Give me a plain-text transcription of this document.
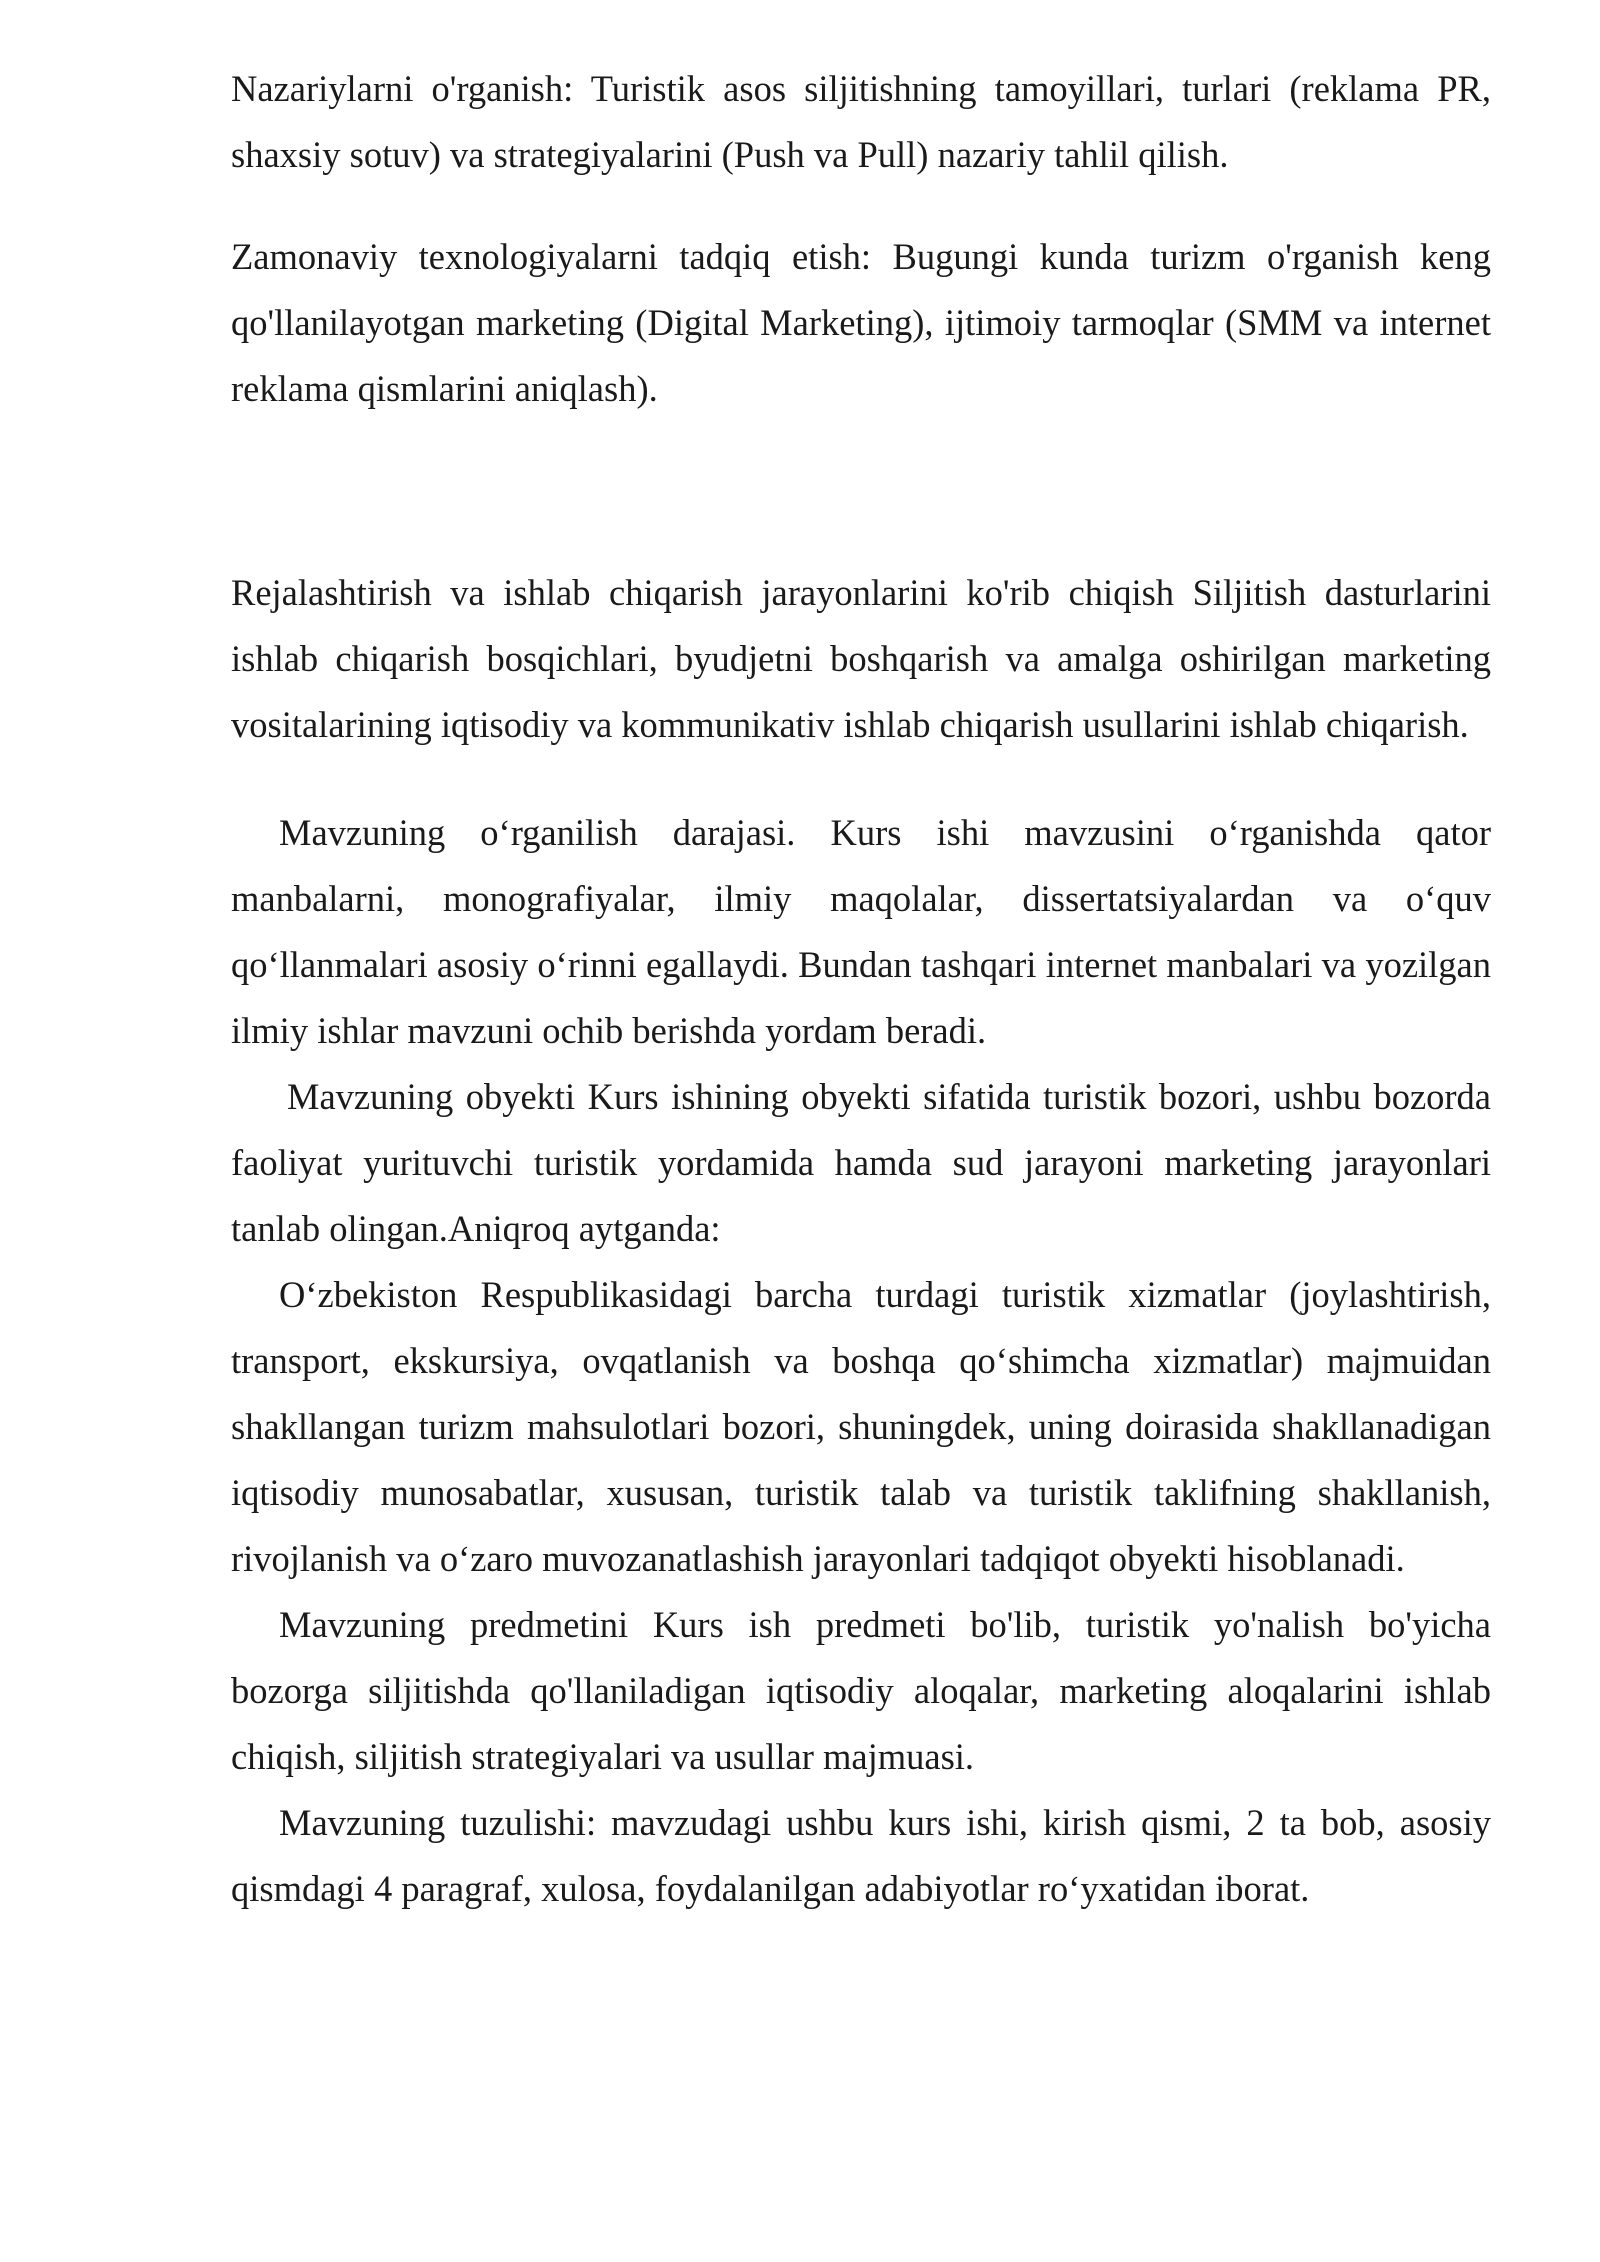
Nazariylarni o'rganish: Turistik asos siljitishning tamoyillari, turlari (reklama PR, shaxsiy sotuv) va strategiyalarini (Push va Pull) nazariy tahlil qilish.

Zamonaviy texnologiyalarni tadqiq etish: Bugungi kunda turizm o'rganish keng qo'llanilayotgan marketing (Digital Marketing), ijtimoiy tarmoqlar (SMM va internet reklama qismlarini aniqlash).

Rejalashtirish va ishlab chiqarish jarayonlarini ko'rib chiqish Siljitish dasturlarini ishlab chiqarish bosqichlari, byudjetni boshqarish va amalga oshirilgan marketing vositalarining iqtisodiy va kommunikativ ishlab chiqarish usullarini ishlab chiqarish.

Mavzuning o‘rganilish darajasi. Kurs ishi mavzusini o‘rganishda qator manbalarni, monografiyalar, ilmiy maqolalar, dissertatsiyalardan va o‘quv qo‘llanmalari asosiy o‘rinni egallaydi. Bundan tashqari internet manbalari va yozilgan ilmiy ishlar mavzuni ochib berishda yordam beradi.

Mavzuning obyekti Kurs ishining obyekti sifatida turistik bozori, ushbu bozorda faoliyat yurituvchi turistik yordamida hamda sud jarayoni marketing jarayonlari tanlab olingan.Aniqroq aytganda:

O‘zbekiston Respublikasidagi barcha turdagi turistik xizmatlar (joylashtirish, transport, ekskursiya, ovqatlanish va boshqa qo‘shimcha xizmatlar) majmuidan shakllangan turizm mahsulotlari bozori, shuningdek, uning doirasida shakllanadigan iqtisodiy munosabatlar, xususan, turistik talab va turistik taklifning shakllanish, rivojlanish va o‘zaro muvozanatlashish jarayonlari tadqiqot obyekti hisoblanadi.

Mavzuning predmetini Kurs ish predmeti bo'lib, turistik yo'nalish bo'yicha bozorga siljitishda qo'llaniladigan iqtisodiy aloqalar, marketing aloqalarini ishlab chiqish, siljitish strategiyalari va usullar majmuasi.

Mavzuning tuzulishi: mavzudagi ushbu kurs ishi, kirish qismi, 2 ta bob, asosiy qismdagi 4 paragraf, xulosa, foydalanilgan adabiyotlar ro‘yxatidan iborat.
